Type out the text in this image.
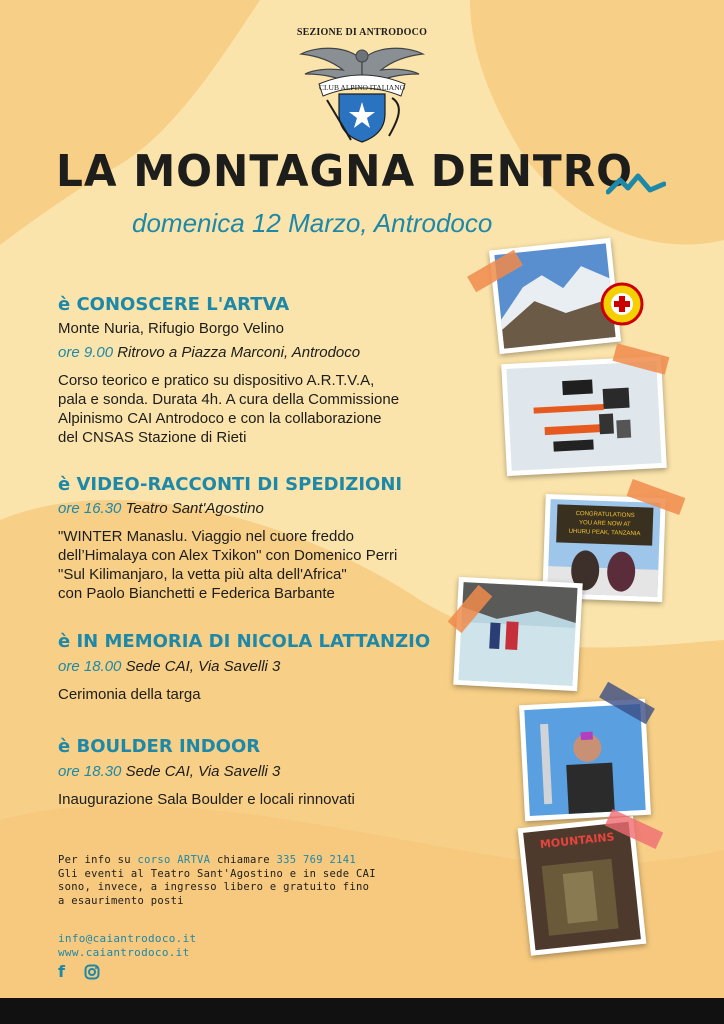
SEZIONE DI ANTRODOCO
CLUB ALPINO ITALIANO
LA MONTAGNA DENTRO
domenica 12 Marzo, Antrodoco
è CONOSCERE L'ARTVA
Monte Nuria, Rifugio Borgo Velino
ore 9.00 Ritrovo a Piazza Marconi, Antrodoco
Corso teorico e pratico su dispositivo A.R.T.V.A,
pala e sonda. Durata 4h. A cura della Commissione
Alpinismo CAI Antrodoco e con la collaborazione
del CNSAS Stazione di Rieti
è VIDEO-RACCONTI DI SPEDIZIONI
ore 16.30 Teatro Sant'Agostino
"WINTER Manaslu. Viaggio nel cuore freddo
dell’Himalaya con Alex Txikon" con Domenico Perri
"Sul Kilimanjaro, la vetta più alta dell'Africa"
con Paolo Bianchetti e Federica Barbante
è IN MEMORIA DI NICOLA LATTANZIO
ore 18.00 Sede CAI, Via Savelli 3
Cerimonia della targa
è BOULDER INDOOR
ore 18.30 Sede CAI, Via Savelli 3
Inaugurazione Sala Boulder e locali rinnovati
Per info su corso ARTVA chiamare 335 769 2141
Gli eventi al Teatro Sant'Agostino e in sede CAI
sono, invece, a ingresso libero e gratuito fino
a esaurimento posti
info@caiantrodoco.it
www.caiantrodoco.it
f
CONGRATULATIONS
YOU ARE NOW AT
UHURU PEAK, TANZANIA
MOUNTAINS
